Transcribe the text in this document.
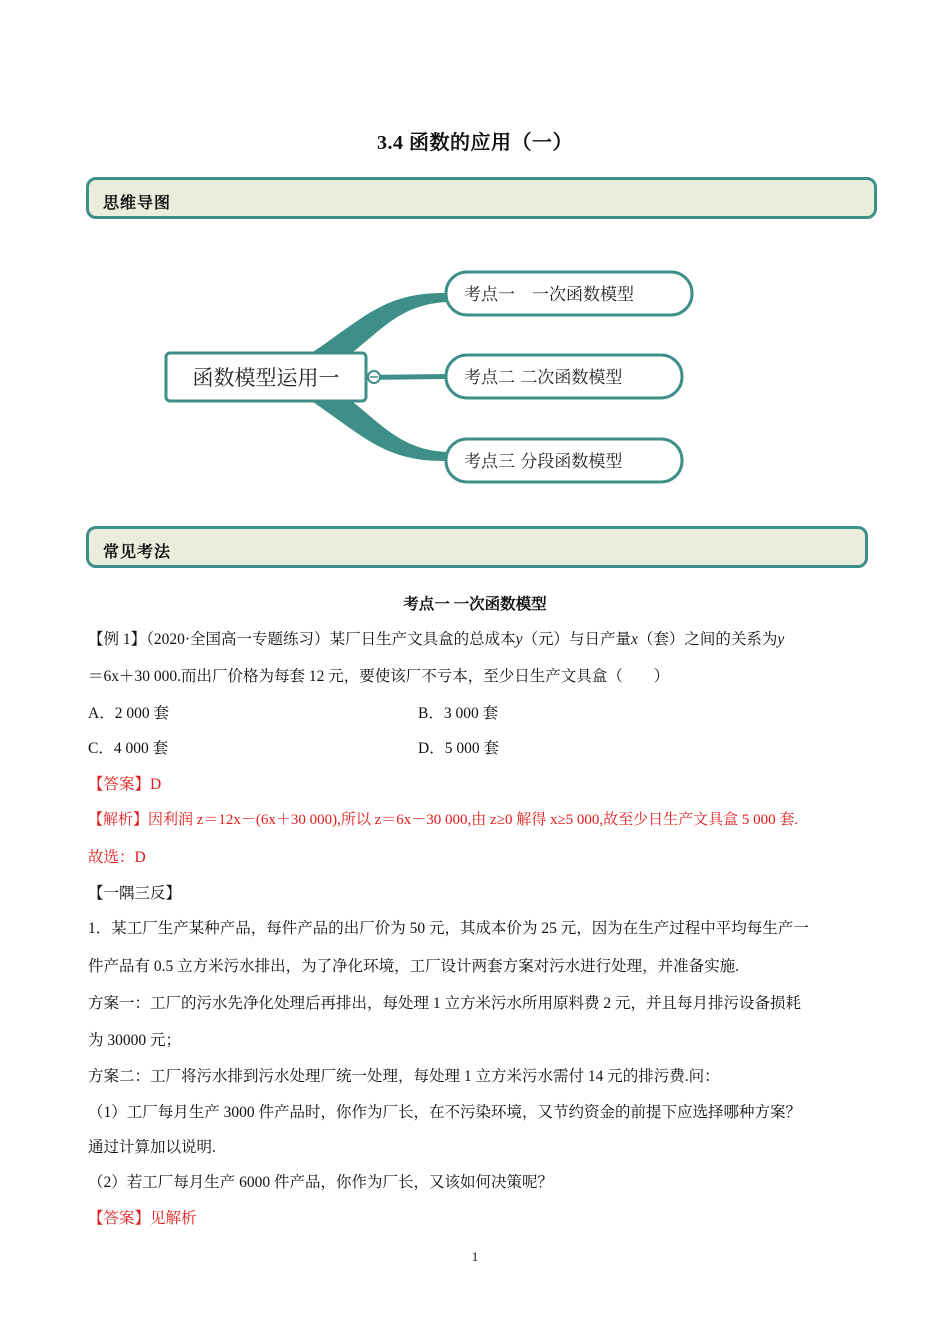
3.4 函数的应用（一）
思维导图
函数模型运用一
考点一　一次函数模型
考点二 二次函数模型
考点三 分段函数模型
常见考法
考点一 一次函数模型
【例 1】（2020·全国高一专题练习）某厂日生产文具盒的总成本y（元）与日产量x（套）之间的关系为y
＝6x＋30 000.而出厂价格为每套 12 元，要使该厂不亏本，至少日生产文具盒（　　）
A．2 000 套	B．3 000 套
C．4 000 套	D．5 000 套
【答案】D
【解析】因利润 z＝12x－(6x＋30 000),所以 z＝6x－30 000,由 z≥0 解得 x≥5 000,故至少日生产文具盒 5 000 套.
故选：D
【一隅三反】
1．某工厂生产某种产品，每件产品的出厂价为 50 元，其成本价为 25 元，因为在生产过程中平均每生产一
件产品有 0.5 立方米污水排出，为了净化环境，工厂设计两套方案对污水进行处理，并准备实施.
方案一：工厂的污水先净化处理后再排出，每处理 1 立方米污水所用原料费 2 元，并且每月排污设备损耗
为 30000 元；
方案二：工厂将污水排到污水处理厂统一处理，每处理 1 立方米污水需付 14 元的排污费.问：
（1）工厂每月生产 3000 件产品时，你作为厂长，在不污染环境，又节约资金的前提下应选择哪种方案？
通过计算加以说明.
（2）若工厂每月生产 6000 件产品，你作为厂长，又该如何决策呢？
【答案】见解析
1
